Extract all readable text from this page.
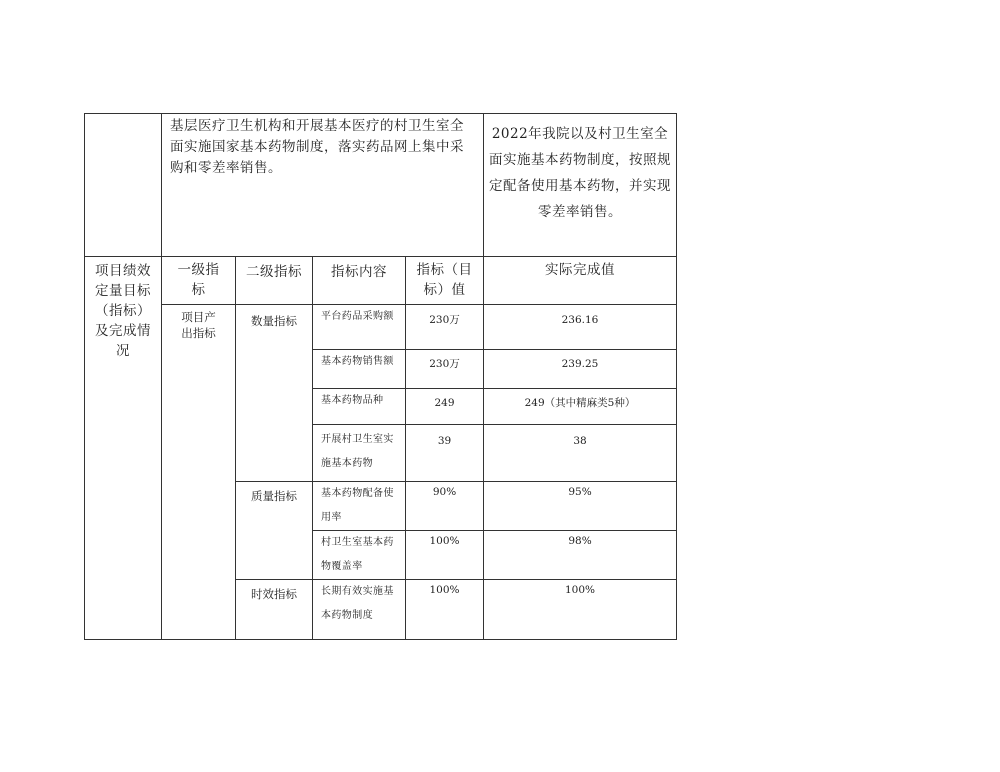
	基层医疗卫生机构和开展基本医疗的村卫生室全面实施国家基本药物制度，落实药品网上集中采购和零差率销售。				2022年我院以及村卫生室全面实施基本药物制度，按照规定配备使用基本药物，并实现零差率销售。

项目绩效定量目标（指标）及完成情况	一级指标	二级指标	指标内容	指标（目标）值	实际完成值

	项目产出指标	数量指标	平台药品采购额	230万	236.16

			基本药物销售额	230万	239.25

			基本药物品种	249	249（其中精麻类5种）

			开展村卫生室实施基本药物	39	38

		质量指标	基本药物配备使用率	90%	95%

			村卫生室基本药物覆盖率	100%	98%

		时效指标	长期有效实施基本药物制度	100%	100%
